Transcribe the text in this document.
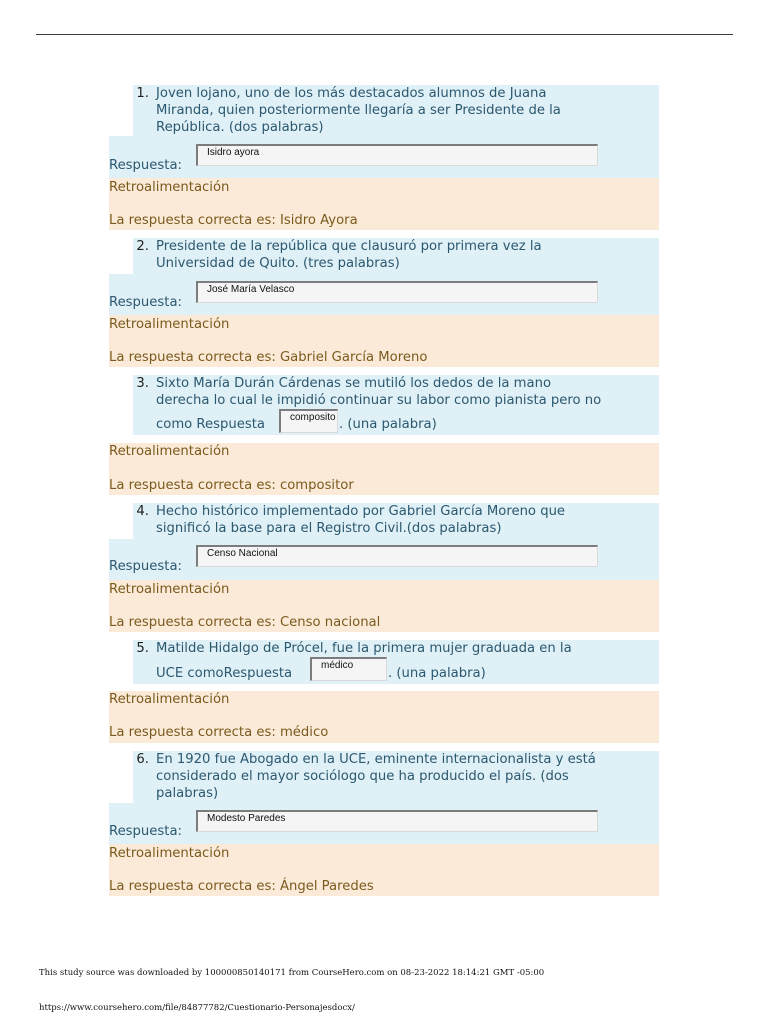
1. Joven lojano, uno de los más destacados alumnos de Juana
Miranda, quien posteriormente llegaría a ser Presidente de la
República. (dos palabras)
Respuesta:
Isidro ayora
Retroalimentación
La respuesta correcta es: Isidro Ayora
2. Presidente de la república que clausuró por primera vez la
Universidad de Quito. (tres palabras)
Respuesta:
José María Velasco
Retroalimentación
La respuesta correcta es: Gabriel García Moreno
3. Sixto María Durán Cárdenas se mutiló los dedos de la mano
derecha lo cual le impidió continuar su labor como pianista pero no
como Respuesta	composito . (una palabra)
Retroalimentación
La respuesta correcta es: compositor
4. Hecho histórico implementado por Gabriel García Moreno que
significó la base para el Registro Civil.(dos palabras)
Respuesta:
Censo Nacional
Retroalimentación
La respuesta correcta es: Censo nacional
5. Matilde Hidalgo de Prócel, fue la primera mujer graduada en la
UCE comoRespuesta
médico
. (una palabra)
Retroalimentación
La respuesta correcta es: médico
6. En 1920 fue Abogado en la UCE, eminente internacionalista y está
considerado el mayor sociólogo que ha producido el país. (dos
palabras)
Respuesta:
Modesto Paredes
Retroalimentación
La respuesta correcta es: Ángel Paredes
This study source was downloaded by 100000850140171 from CourseHero.com on 08-23-2022 18:14:21 GMT -05:00
https://www.coursehero.com/file/84877782/Cuestionario-Personajesdocx/
